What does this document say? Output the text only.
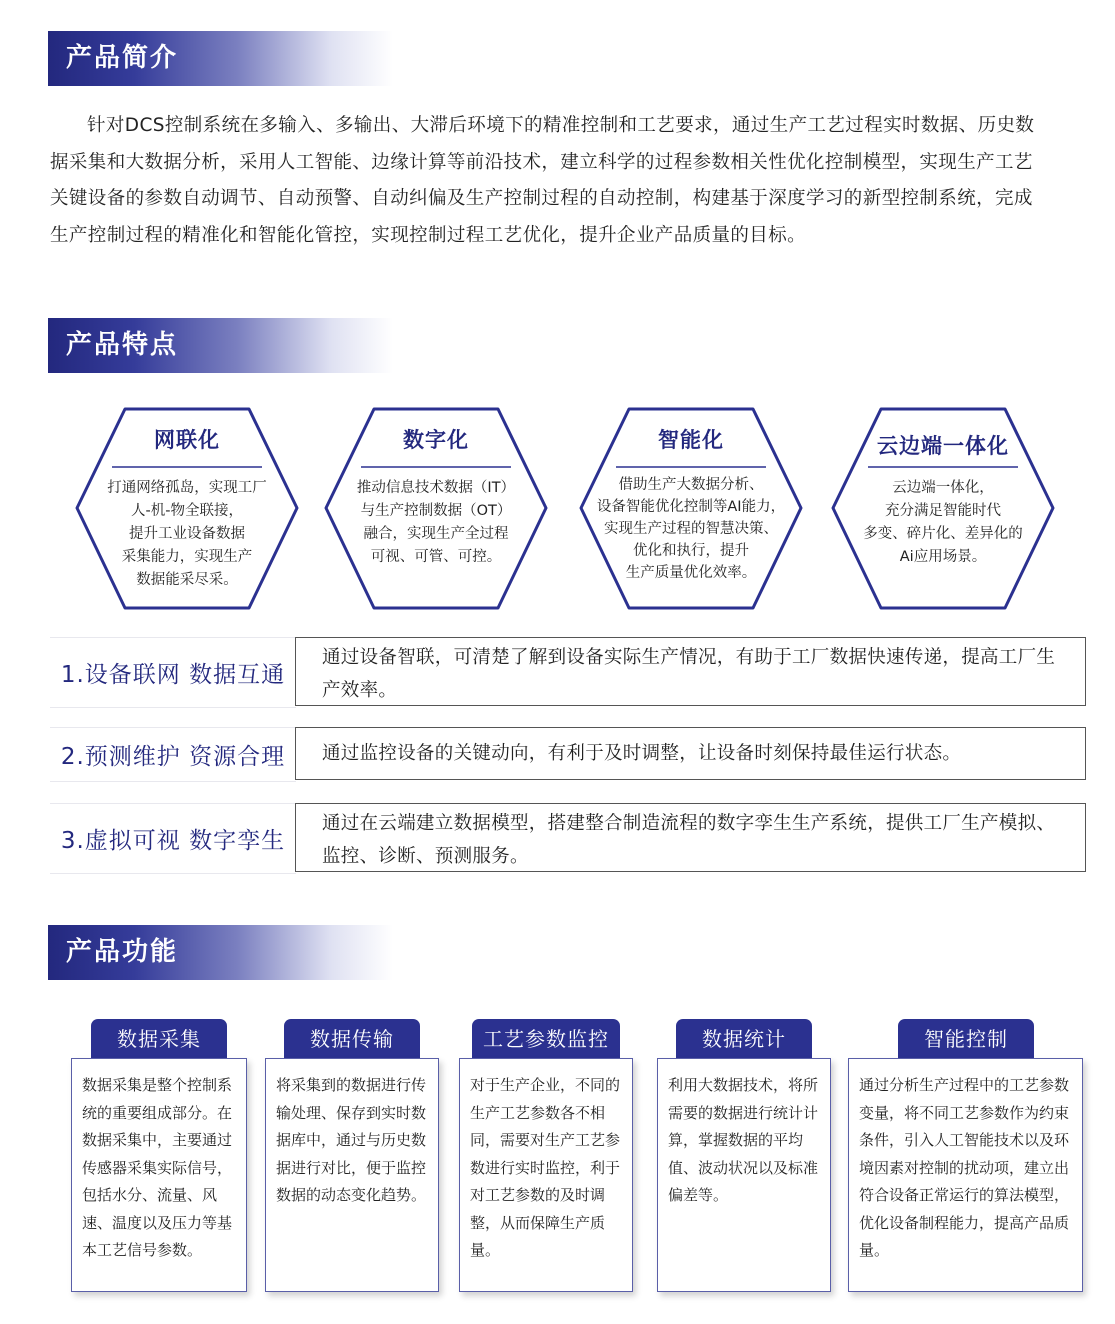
产品简介

针对DCS控制系统在多输入、多输出、大滞后环境下的精准控制和工艺要求，通过生产工艺过程实时数据、历史数据采集和大数据分析，采用人工智能、边缘计算等前沿技术，建立科学的过程参数相关性优化控制模型，实现生产工艺关键设备的参数自动调节、自动预警、自动纠偏及生产控制过程的自动控制，构建基于深度学习的新型控制系统，完成生产控制过程的精准化和智能化管控，实现控制过程工艺优化，提升企业产品质量的目标。

产品特点
网联化
打通网络孤岛，实现工厂
人-机-物全联接，
提升工业设备数据
采集能力，实现生产
数据能采尽采。
数字化
推动信息技术数据（IT）
与生产控制数据（OT）
融合，实现生产全过程
可视、可管、可控。
智能化
借助生产大数据分析、
设备智能优化控制等AI能力，
实现生产过程的智慧决策、
优化和执行，提升
生产质量优化效率。
云边端一体化
云边端一体化，
充分满足智能时代
多变、碎片化、差异化的
Ai应用场景。
1.设备联网 数据互通
通过设备智联，可清楚了解到设备实际生产情况，有助于工厂数据快速传递，提高工厂生产效率。
2.预测维护 资源合理	通过监控设备的关键动向，有利于及时调整，让设备时刻保持最佳运行状态。
3.虚拟可视 数字孪生
通过在云端建立数据模型，搭建整合制造流程的数字孪生生产系统，提供工厂生产模拟、监控、诊断、预测服务。
产品功能
数据采集
数据采集是整个控制系统的重要组成部分。在数据采集中，主要通过传感器采集实际信号，包括水分、流量、风速、温度以及压力等基本工艺信号参数。
数据传输
将采集到的数据进行传输处理、保存到实时数据库中，通过与历史数据进行对比，便于监控数据的动态变化趋势。
工艺参数监控
对于生产企业，不同的生产工艺参数各不相同，需要对生产工艺参数进行实时监控，利于对工艺参数的及时调整，从而保障生产质量。
数据统计
利用大数据技术，将所需要的数据进行统计计算，掌握数据的平均值、波动状况以及标准偏差等。
智能控制
通过分析生产过程中的工艺参数变量，将不同工艺参数作为约束条件，引入人工智能技术以及环境因素对控制的扰动项，建立出符合设备正常运行的算法模型，优化设备制程能力，提高产品质量。
